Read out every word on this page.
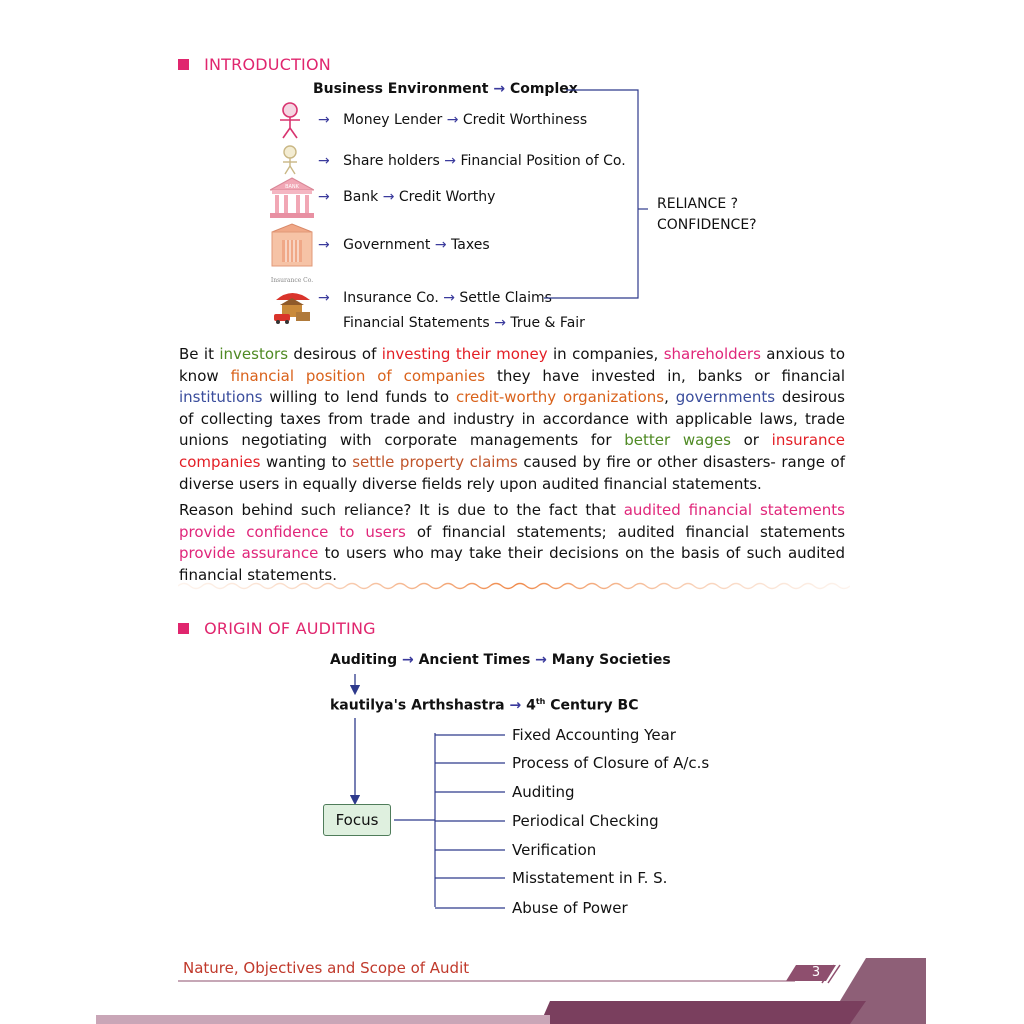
INTRODUCTION
Business Environment → Complex
BANK
Insurance Co.
→ Money Lender → Credit Worthiness
→ Share holders → Financial Position of Co.
→ Bank → Credit Worthy
→ Government → Taxes
→ Insurance Co. → Settle Claims
Financial Statements → True & Fair
RELIANCE ?
CONFIDENCE?
Be it investors desirous of investing their money in companies, shareholders anxious to know financial position of companies they have invested in, banks or financial institutions willing to lend funds to credit-worthy organizations, governments desirous of collecting taxes from trade and industry in accordance with applicable laws, trade unions negotiating with corporate managements for better wages or insurance companies wanting to settle property claims caused by fire or other disasters- range of diverse users in equally diverse fields rely upon audited financial statements.
Reason behind such reliance? It is due to the fact that audited financial statements provide confidence to users of financial statements; audited financial statements provide assurance to users who may take their decisions on the basis of such audited financial statements.
ORIGIN OF AUDITING
Auditing → Ancient Times → Many Societies
kautilya's Arthshastra → 4th Century BC
Focus
Fixed Accounting Year
Process of Closure of A/c.s
Auditing
Periodical Checking
Verification
Misstatement in F. S.
Abuse of Power
Nature, Objectives and Scope of Audit	3
